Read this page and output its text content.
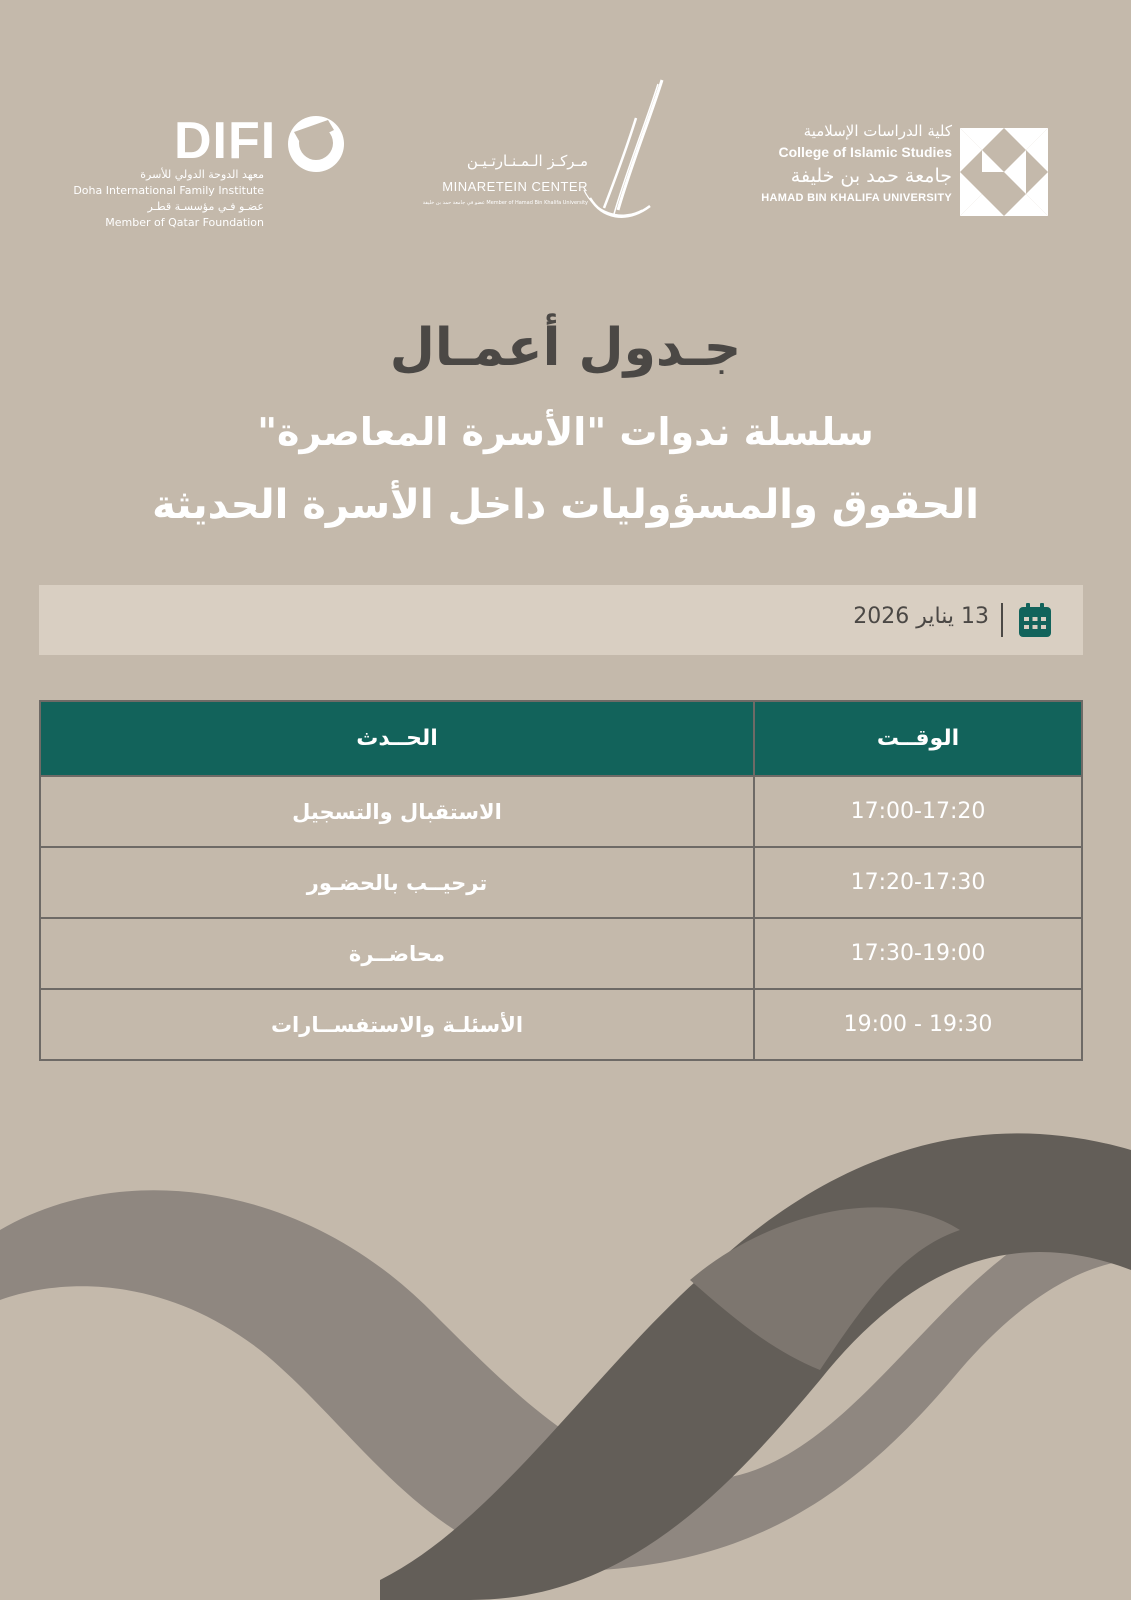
DIFI
معهد الدوحة الدولي للأسرة
Doha International Family Institute
عضـو فـي مؤسسـة قطـر
Member of Qatar Foundation
مـركـز الـمـنـارتـيـن
MINARETEIN CENTER
عضو في جامعة حمد بن خليفة Member of Hamad Bin Khalifa University
كلية الدراسات الإسلامية
College of Islamic Studies
جامعة حمد بن خليفة
HAMAD BIN KHALIFA UNIVERSITY
جـدول أعمـال
سلسلة ندوات "الأسرة المعاصرة"
الحقوق والمسؤوليات داخل الأسرة الحديثة
13 يناير 2026
الوقــت	الحــدث
17:00-17:20	الاستقبال والتسجيل
17:20-17:30	ترحيــب بالحضـور
17:30-19:00	محاضــرة
19:00 - 19:30	الأسئلـة والاستفســارات
